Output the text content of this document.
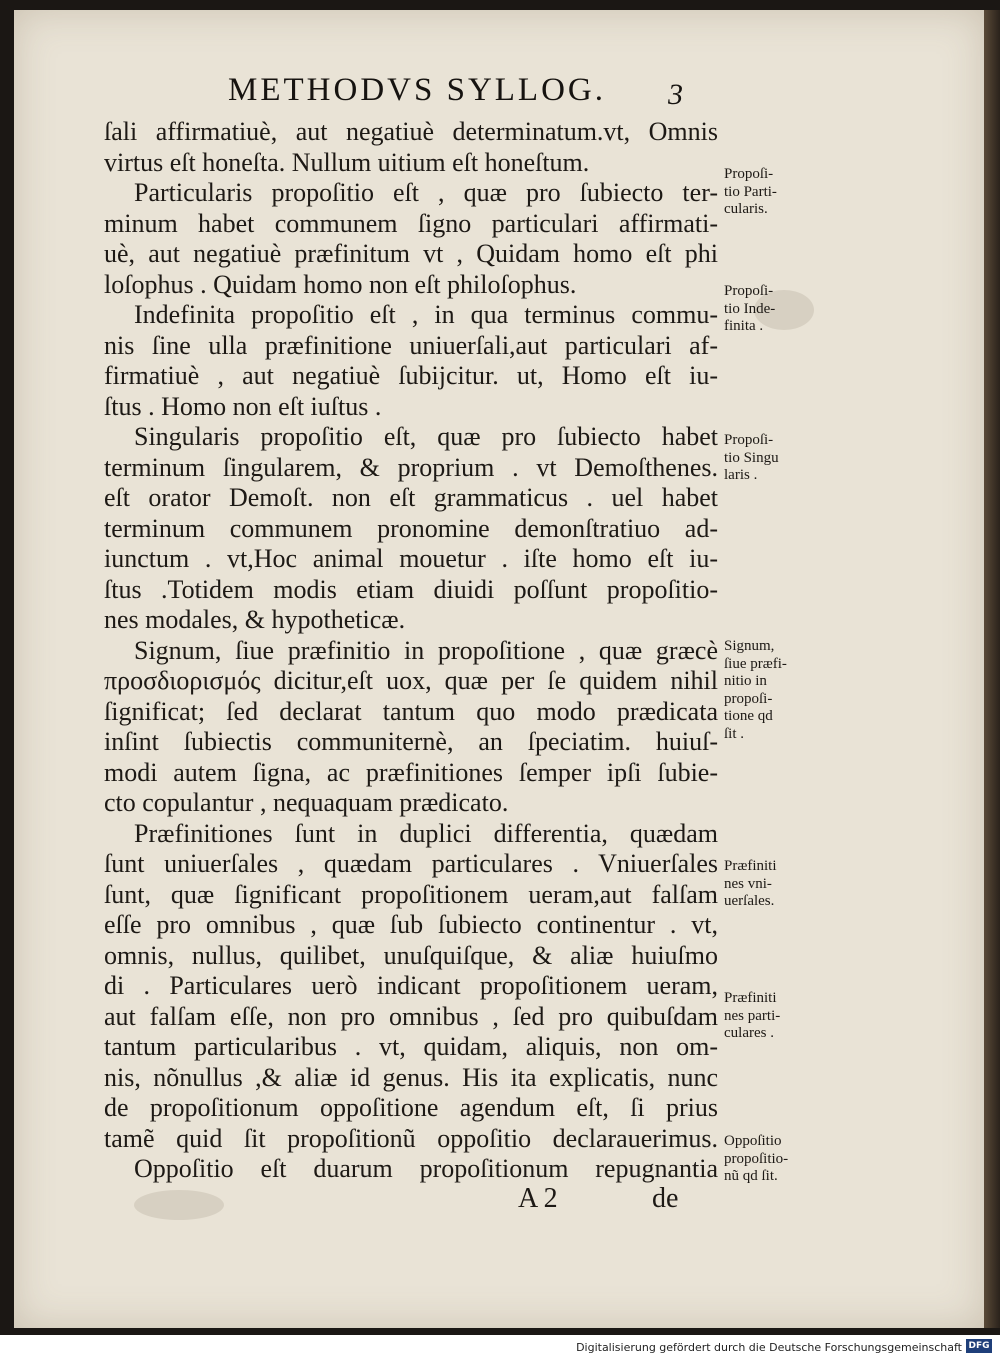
METHODVS SYLLOG. 3
ſali affirmatiuè, aut negatiuè determinatum.vt, Omnis
virtus eſt honeſta. Nullum uitium eſt honeſtum.
Particularis propoſitio eſt , quæ pro ſubiecto ter-
minum habet communem ſigno particulari affirmati-
uè, aut negatiuè præfinitum vt , Quidam homo eſt phi
loſophus . Quidam homo non eſt philoſophus.
Indefinita propoſitio eſt , in qua terminus commu-
nis ſine ulla præfinitione uniuerſali,aut particulari af-
firmatiuè , aut negatiuè ſubijcitur. ut, Homo eſt iu-
ſtus . Homo non eſt iuſtus .
Singularis propoſitio eſt, quæ pro ſubiecto habet
terminum ſingularem, & proprium . vt Demoſthenes.
eſt orator Demoſt. non eſt grammaticus . uel habet
terminum communem pronomine demonſtratiuo ad-
iunctum . vt,Hoc animal mouetur . iſte homo eſt iu-
ſtus .Totidem modis etiam diuidi poſſunt propoſitio-
nes modales, & hypotheticæ.
Signum, ſiue præfinitio in propoſitione , quæ græcè
προσδιορισμός dicitur,eſt uox, quæ per ſe quidem nihil
ſignificat; ſed declarat tantum quo modo prædicata
inſint ſubiectis communiternè, an ſpeciatim. huiuſ-
modi autem ſigna, ac præfinitiones ſemper ipſi ſubie-
cto copulantur , nequaquam prædicato.
Præfinitiones ſunt in duplici differentia, quædam
ſunt uniuerſales , quædam particulares . Vniuerſales
ſunt, quæ ſignificant propoſitionem ueram,aut falſam
eſſe pro omnibus , quæ ſub ſubiecto continentur . vt,
omnis, nullus, quilibet, unuſquiſque, & aliæ huiuſmo
di . Particulares uerò indicant propoſitionem ueram,
aut falſam eſſe, non pro omnibus , ſed pro quibuſdam
tantum particularibus . vt, quidam, aliquis, non om-
nis, nõnullus ,& aliæ id genus. His ita explicatis, nunc
de propoſitionum oppoſitione agendum eſt, ſi prius
tamẽ quid ſit propoſitionũ oppoſitio declarauerimus.
Oppoſitio eſt duarum propoſitionum repugnantia
Propoſi-
tio Parti-
cularis.
Propoſi-
tio Inde-
finita .
Propoſi-
tio Singu
laris .
Signum,
ſiue præfi-
nitio in
propoſi-
tione qd
ſit .
Præfiniti
nes vni-
uerſales.
Præfiniti
nes parti-
culares .
Oppoſitio
propoſitio-
nũ qd ſit.
A 2	de
Digitalisierung gefördert durch die Deutsche Forschungsgemeinschaft DFG
